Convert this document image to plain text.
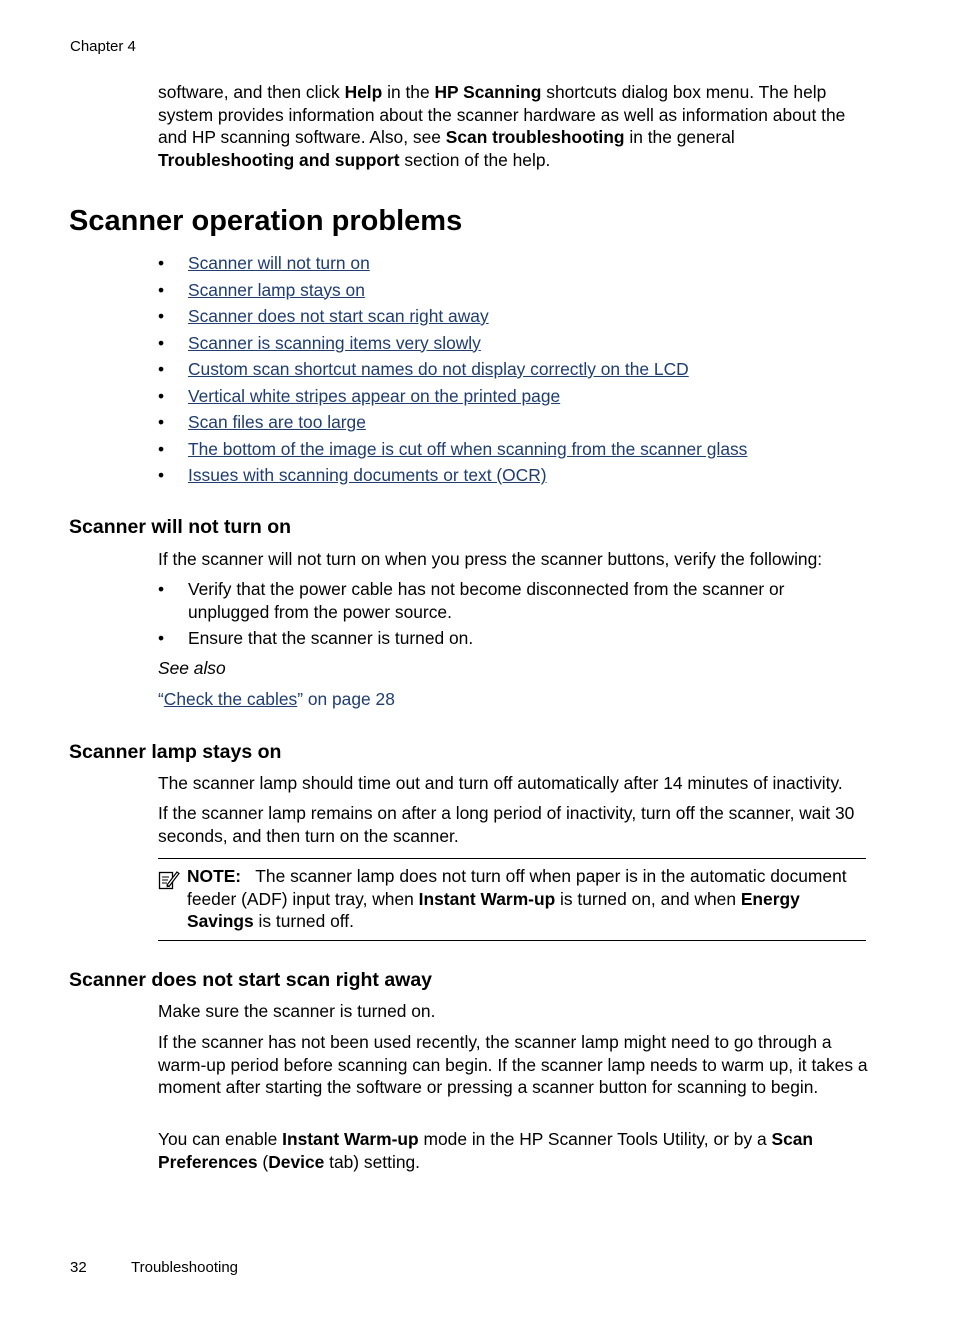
Chapter 4

software, and then click Help in the HP Scanning shortcuts dialog box menu. The help system provides information about the scanner hardware as well as information about the and HP scanning software. Also, see Scan troubleshooting in the general Troubleshooting and support section of the help.

Scanner operation problems
• Scanner will not turn on
• Scanner lamp stays on
• Scanner does not start scan right away
• Scanner is scanning items very slowly
• Custom scan shortcut names do not display correctly on the LCD
• Vertical white stripes appear on the printed page
• Scan files are too large
• The bottom of the image is cut off when scanning from the scanner glass
• Issues with scanning documents or text (OCR)
Scanner will not turn on

If the scanner will not turn on when you press the scanner buttons, verify the following:

• Verify that the power cable has not become disconnected from the scanner or unplugged from the power source.
• Ensure that the scanner is turned on.

See also

“Check the cables” on page 28

Scanner lamp stays on

The scanner lamp should time out and turn off automatically after 14 minutes of inactivity.

If the scanner lamp remains on after a long period of inactivity, turn off the scanner, wait 30 seconds, and then turn on the scanner.

NOTE:   The scanner lamp does not turn off when paper is in the automatic document feeder (ADF) input tray, when Instant Warm-up is turned on, and when Energy Savings is turned off.

Scanner does not start scan right away

Make sure the scanner is turned on.

If the scanner has not been used recently, the scanner lamp might need to go through a warm-up period before scanning can begin. If the scanner lamp needs to warm up, it takes a moment after starting the software or pressing a scanner button for scanning to begin.

You can enable Instant Warm-up mode in the HP Scanner Tools Utility, or by a Scan Preferences (Device tab) setting.

32	Troubleshooting
